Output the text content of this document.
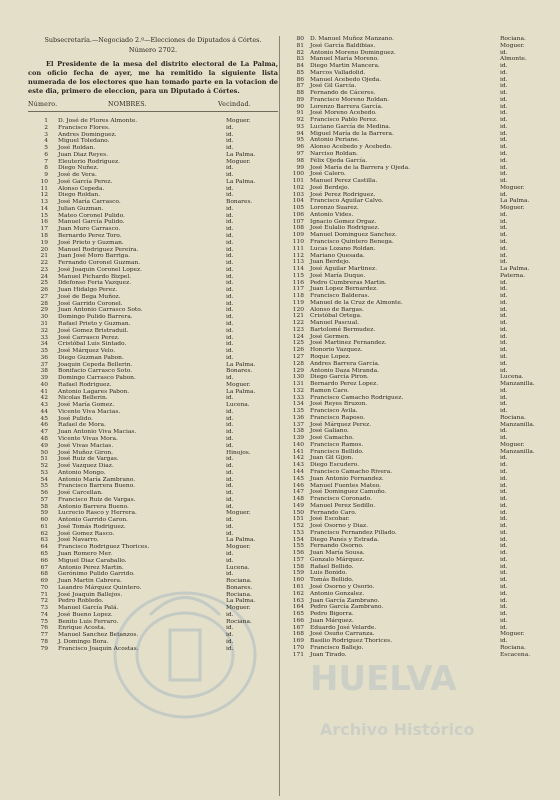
HUELVA
Archivo Histórico
Subsecretaría.—Negociado 2.º—Elecciones de Diputados á Córtes.
Número 2702.
El Presidente de la mesa del distrito electoral de La Palma, con oficio fecha de ayer, me ha remitido la siguiente lista numerada de los electores que han tomado parte en la votacion de este dia, primero de eleccion, para un Diputado á Córtes.
Número.	NOMBRES.	Vecindad.
1 D. José de Flores Almonte.	Moguer.
2 Francisco Flores.	id.
3 Andres Dominguez.	id.
4 Miguel Toledano.	id.
5 José Roldan.	id.
6 Juan Diaz Reyes.	La Palma.
7 Eleuterio Rodriguez.	Moguer.
8 Diego Nuñez.	id.
9 José de Vera.	id.
10 José García Perez.	La Palma.
11 Alonso Cepeda.	id.
12 Diego Roldan.	id.
13 José María Carrasco.	Bonares.
14 Julian Guzman.	id.
15 Mateo Coronel Pulido.	id.
16 Manuel García Pulido.	id.
17 Juan Muro Carrasco.	id.
18 Bernardo Perez Toro.	id.
19 José Prieto y Guzman.	id.
20 Manuel Rodriguez Pereira.	id.
21 Juan José Moro Barriga.	id.
22 Fernando Coronel Guzman.	id.
23 José Joaquin Coronel Lopez.	id.
24 Manuel Pichardo Bizpel.	id.
25 Ildefonso Feria Vazquez.	id.
26 Juan Hidalgo Perez.	id.
27 José de Bega Muñoz.	id.
28 José Garrido Coronel.	id.
29 Juan Antonio Carrasco Soto.	id.
30 Domingo Pulido Barrera.	id.
31 Rafael Prieto y Guzman.	id.
32 José Gomez Bristraduil.	id.
33 José Carrasco Perez.	id.
34 Cristóbal Luis Sintado.	id.
35 José Márquez Velo.	id.
36 Diego Guzman Pabon.	id.
37 Joaquin Cepeda Bellerin.	La Palma.
38 Bonifacio Carrasco Soto.	Bonares.
39 Domingo Carrasco Pabon.	id.
40 Rafael Rodriguez.	Moguer.
41 Antonio Lagares Pabon.	La Palma.
42 Nicolas Bellerin.	id.
43 José María Gomez.	Lucena.
44 Vicente Viva Macias.	id.
45 José Pulido.	id.
46 Rafael de Mora.	id.
47 Juan Antonio Viva Macias.	id.
48 Vicente Vivas Mora.	id.
49 José Vivas Macias.	id.
50 José Muñoz Giron.	Hinojos.
51 José Ruiz de Vargas.	id.
52 José Vazquez Diaz.	id.
53 Antonio Mongo.	id.
54 Antonio María Zambrano.	id.
55 Francisco Barrera Bueno.	id.
56 José Carcellan.	id.
57 Francisco Ruiz de Vargas.	id.
58 Antonio Barrera Bueno.	id.
59 Lucrecio Rasco y Herrera.	Moguer.
60 Antonio Garrido Caron.	id.
61 José Tomás Rodriguez.	id.
62 José Gomez Rasco.	id.
63 José Navarro.	La Palma.
64 Francisco Rodriguez Thorices.	Moguer.
65 Juan Romero Mer.	id.
66 Miguel Diaz Caraballo.	id.
67 Antonio Perez Martin.	Lucena.
68 Gerónimo Pulido Garrido.	id.
69 Juan Martin Cabrera.	Rociana.
70 Leandro Márquez Quintero.	Bonares.
71 José Joaquin Ballejos.	Rociana.
72 Pedro Robledo.	La Palma.
73 Manuel García Palá.	Moguer.
74 José Bueno Lopez.	id.
75 Benito Luis Ferraro.	Rociana.
76 Enrique Acosta.	id.
77 Manuel Sanchez Betanzos.	id.
78 J. Domingo Bora.	id.
79 Francisco Joaquin Acostas.	id.
80 D. Manuel Muñoz Manzano.	Rociana.
81 José García Baldibias.	Moguer.
82 Antonio Moreno Dominguez.	id.
83 Manuel María Moreno.	Almonte.
84 Diego Martin Mancera.	id.
85 Marcos Valladolid.	id.
86 Manuel Acebedo Ojeda.	id.
87 José Gil García.	id.
88 Fernando de Cáceres.	id.
89 Francisco Moreno Roldan.	id.
90 Lorenzo Barrera García.	id.
91 José Moreno Acebedo.	id.
92 Francisco Pablo Perez.	id.
93 Luciano García de Medina.	id.
94 Miguel María de la Barrera.	id.
95 Antonio Periane.	id.
96 Alonso Acebedo y Acebedo.	id.
97 Narciso Roldan.	id.
98 Félix Ojeda García.	id.
99 José María de la Barrera y Ojeda.	id.
100 José Calero.	id.
101 Manuel Perez Castilla.	id.
102 José Berdejo.	Moguer.
103 José Perez Rodriguez.	id.
104 Francisco Aguilar Calvo.	La Palma.
105 Lorenzo Suarez.	Moguer.
106 Antonio Vides.	id.
107 Ignacio Gomez Orgaz.	id.
108 José Eulalio Rodriguez.	id.
109 Manuel Dominguez Sanchez.	id.
110 Francisco Quintero Benega.	id.
111 Lucas Lozano Roldan.	id.
112 Mariano Quesada.	id.
113 Juan Berdejo.	id.
114 José Aguilar Martinez.	La Palma.
115 José María Duque.	Paterna.
116 Pedro Cumbreras Martin.	id.
117 Juan Lopez Bernardez.	id.
118 Francisco Balderas.	id.
119 Manuel de la Cruz de Almonte.	id.
120 Alonso de Bargas.	id.
121 Cristóbal Ortega.	id.
122 Manuel Pascual.	id.
123 Bartolomé Bermudez.	id.
124 José Germen.	id.
125 José Martinez Fernandez.	id.
126 Honorio Vazquez.	id.
127 Roque Lopez.	id.
128 Andres Barrera García.	id.
129 Antonio Daza Miranda.	id.
130 Diego García Piron.	Lucena.
131 Bernardo Perez Lopez.	Manzanilla.
132 Ramon Caro.	id.
133 Francisco Camacho Rodriguez.	id.
134 José Reyes Bruzon.	id.
135 Francisco Avila.	id.
136 Francisco Raposo.	Rociana.
137 José Márquez Perez.	Manzanilla.
138 José Galiano.	id.
139 José Camacho.	id.
140 Francisco Ramos.	Moguer.
141 Francisco Bellido.	Manzanilla.
142 Juan Gil Gijon.	id.
143 Diego Escudero.	id.
144 Francisco Camacho Rivera.	id.
145 Juan Antonio Fernandez.	id.
146 Manuel Fuentes Mateo.	id.
147 José Dominguez Camuño.	id.
148 Francisco Coronado.	id.
149 Manuel Perez Sedillo.	id.
150 Fernando Caro.	id.
151 José Escobar.	id.
152 José Osorno y Diaz.	id.
153 Francisco Fernandez Pillado.	id.
154 Diego Panés y Estrada.	id.
155 Fernando Osorno.	id.
156 Juan María Sousa.	id.
157 Gonzalo Márquez.	id.
158 Rafael Bellido.	id.
159 Luis Bonido.	id.
160 Tomás Bellido.	id.
161 José Osorno y Osorio.	id.
162 Antonio Gonzalez.	id.
163 Juan García Zambrano.	id.
164 Pedro García Zambrano.	id.
165 Pedro Bigorra.	id.
166 Juan Márquez.	id.
167 Eduardo José Velarde.	id.
168 José Osuño Carranza.	Moguer.
169 Basilio Rodriguez Thorices.	id.
170 Francisco Ballejo.	Rociana.
171 Juan Tirado.	Escacena.
